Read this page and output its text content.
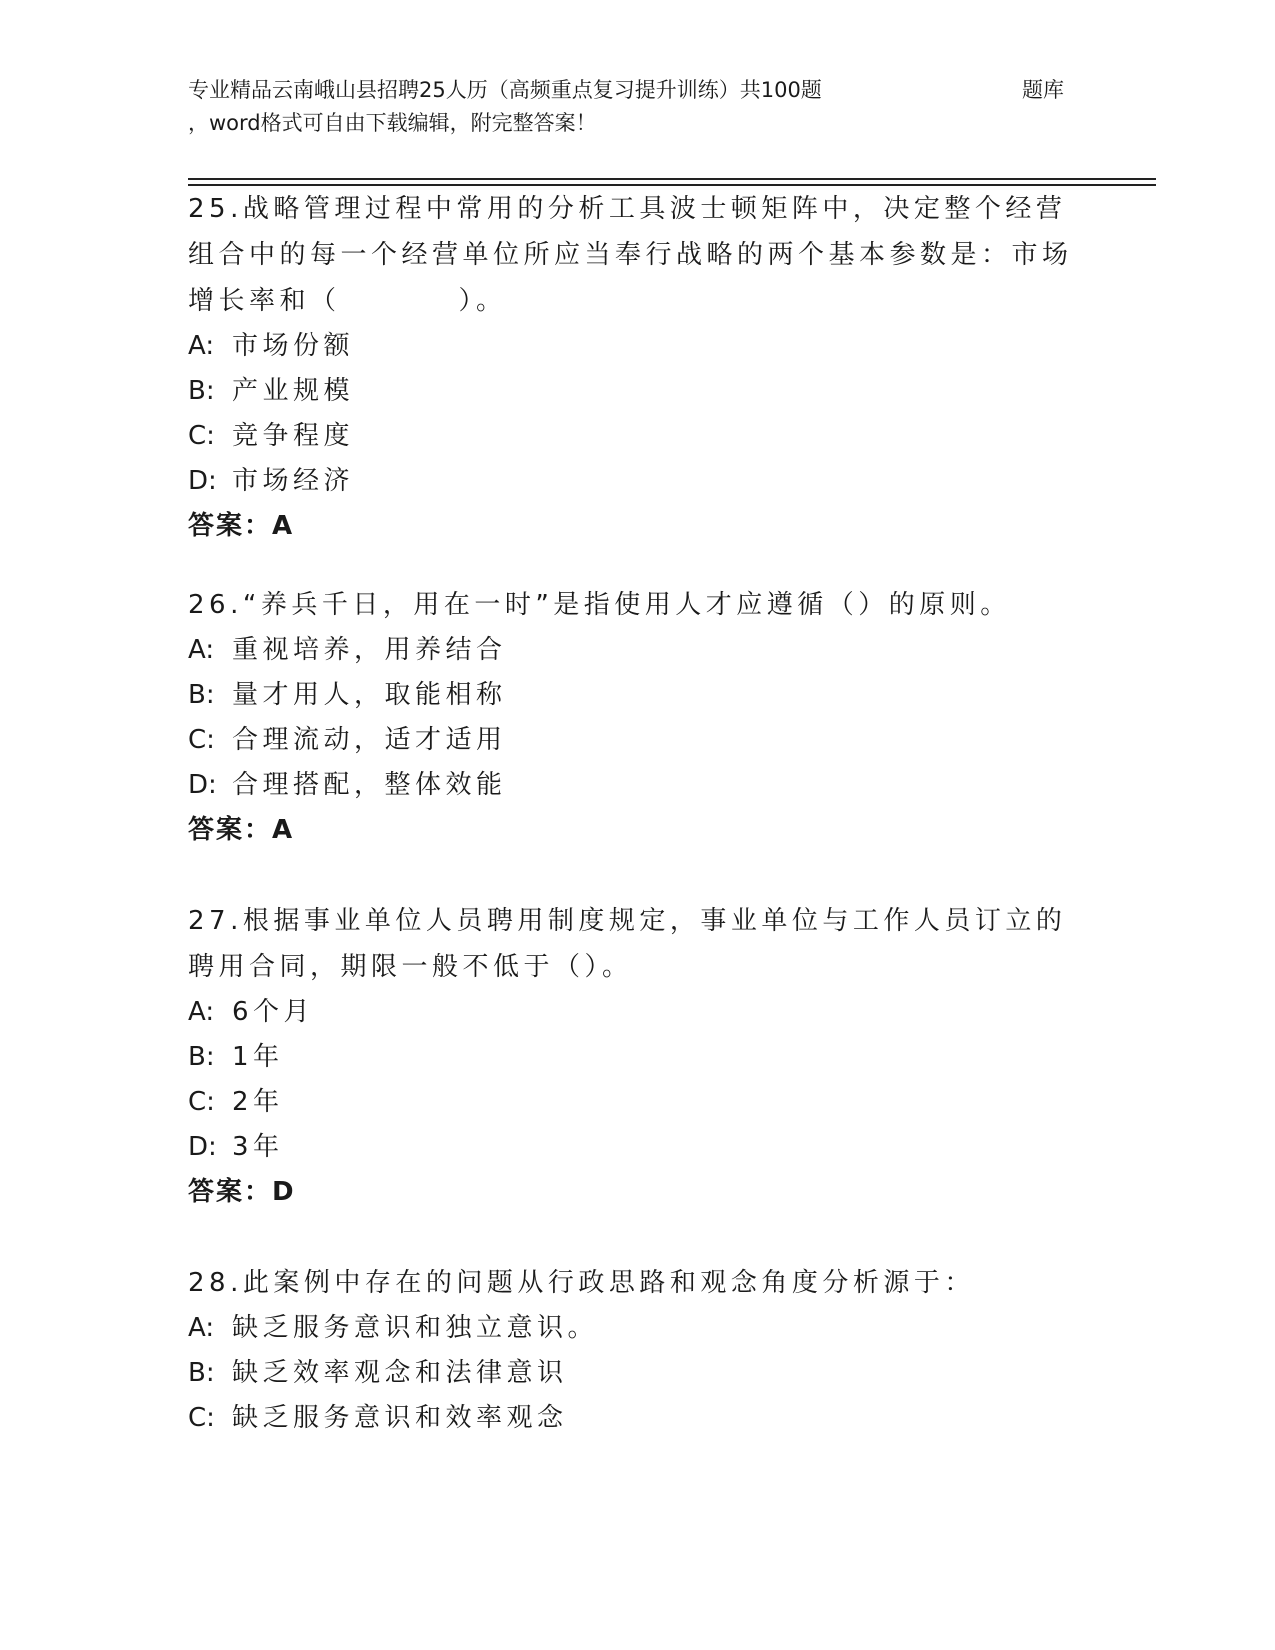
专业精品云南峨山县招聘25人历（高频重点复习提升训练）共100题	题库
，word格式可自由下载编辑，附完整答案！
25.战略管理过程中常用的分析工具波士顿矩阵中，决定整个经营组合中的每一个经营单位所应当奉行战略的两个基本参数是：市场增长率和（	）。
A: 市场份额
B: 产业规模
C: 竞争程度
D: 市场经济
答案：A
26.“养兵千日，用在一时”是指使用人才应遵循（）的原则。
A: 重视培养，用养结合
B: 量才用人，取能相称
C: 合理流动，适才适用
D: 合理搭配，整体效能
答案：A
27.根据事业单位人员聘用制度规定，事业单位与工作人员订立的聘用合同，期限一般不低于（）。
A: 6个月
B: 1年
C: 2年
D: 3年
答案：D
28.此案例中存在的问题从行政思路和观念角度分析源于：
A: 缺乏服务意识和独立意识。
B: 缺乏效率观念和法律意识
C: 缺乏服务意识和效率观念
